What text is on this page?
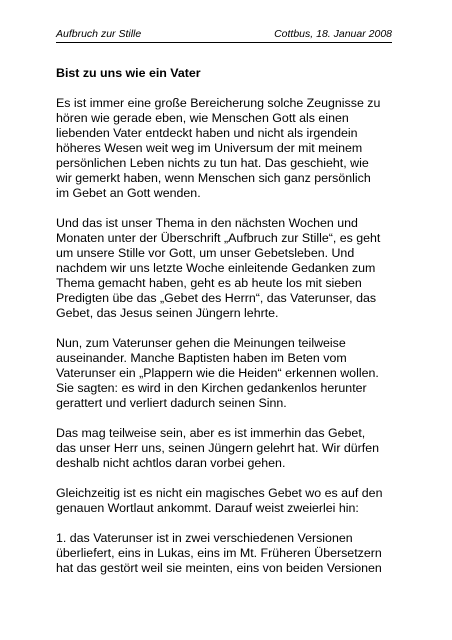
Aufbruch zur Stille	Cottbus, 18. Januar 2008
Bist zu uns wie ein Vater
Es ist immer eine große Bereicherung solche Zeugnisse zu
hören wie gerade eben, wie Menschen Gott als einen
liebenden Vater entdeckt haben und nicht als irgendein
höheres Wesen weit weg im Universum der mit meinem
persönlichen Leben nichts zu tun hat. Das geschieht, wie
wir gemerkt haben, wenn Menschen sich ganz persönlich
im Gebet an Gott wenden.
Und das ist unser Thema in den nächsten Wochen und
Monaten unter der Überschrift „Aufbruch zur Stille“, es geht
um unsere Stille vor Gott, um unser Gebetsleben. Und
nachdem wir uns letzte Woche einleitende Gedanken zum
Thema gemacht haben, geht es ab heute los mit sieben
Predigten übe das „Gebet des Herrn“, das Vaterunser, das
Gebet, das Jesus seinen Jüngern lehrte.
Nun, zum Vaterunser gehen die Meinungen teilweise
auseinander. Manche Baptisten haben im Beten vom
Vaterunser ein „Plappern wie die Heiden“ erkennen wollen.
Sie sagten: es wird in den Kirchen gedankenlos herunter
gerattert und verliert dadurch seinen Sinn.
Das mag teilweise sein, aber es ist immerhin das Gebet,
das unser Herr uns, seinen Jüngern gelehrt hat. Wir dürfen
deshalb nicht achtlos daran vorbei gehen.
Gleichzeitig ist es nicht ein magisches Gebet wo es auf den
genauen Wortlaut ankommt. Darauf weist zweierlei hin:
1. das Vaterunser ist in zwei verschiedenen Versionen
überliefert, eins in Lukas, eins im Mt. Früheren Übersetzern
hat das gestört weil sie meinten, eins von beiden Versionen
